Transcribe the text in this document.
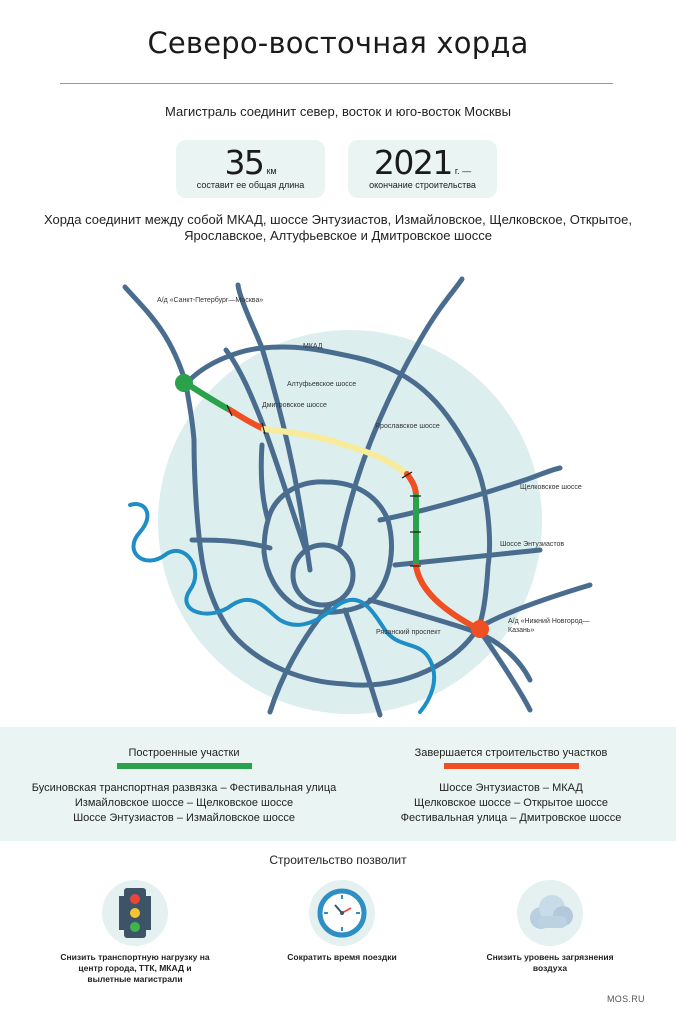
Северо-восточная хорда
Магистраль соединит север, восток и юго-восток Москвы
35 км
составит ее общая длина
2021 г. —
окончание строительства
Хорда соединит между собой МКАД, шоссе Энтузиастов, Измайловское, Щелковское, Открытое, Ярославское, Алтуфьевское и Дмитровское шоссе
А/д «Санкт-Петербург—Москва»
МКАД
Алтуфьевское шоссе
Дмитровское шоссе
Ярославское шоссе
Щелковское шоссе
Шоссе Энтузиастов
А/д «Нижний Новгород—
Казань»
Рязанский проспект
Построенные участки
Бусиновская транспортная развязка – Фестивальная улица
Измайловское шоссе – Щелковское шоссе
Шоссе Энтузиастов – Измайловское шоссе
Завершается строительство участков
Шоссе Энтузиастов – МКАД
Щелковское шоссе – Открытое шоссе
Фестивальная улица – Дмитровское шоссе
Строительство позволит
Снизить транспортную нагрузку на центр города, ТТК, МКАД и вылетные магистрали
Сократить время поездки	Снизить уровень загрязнения воздуха
MOS.RU
